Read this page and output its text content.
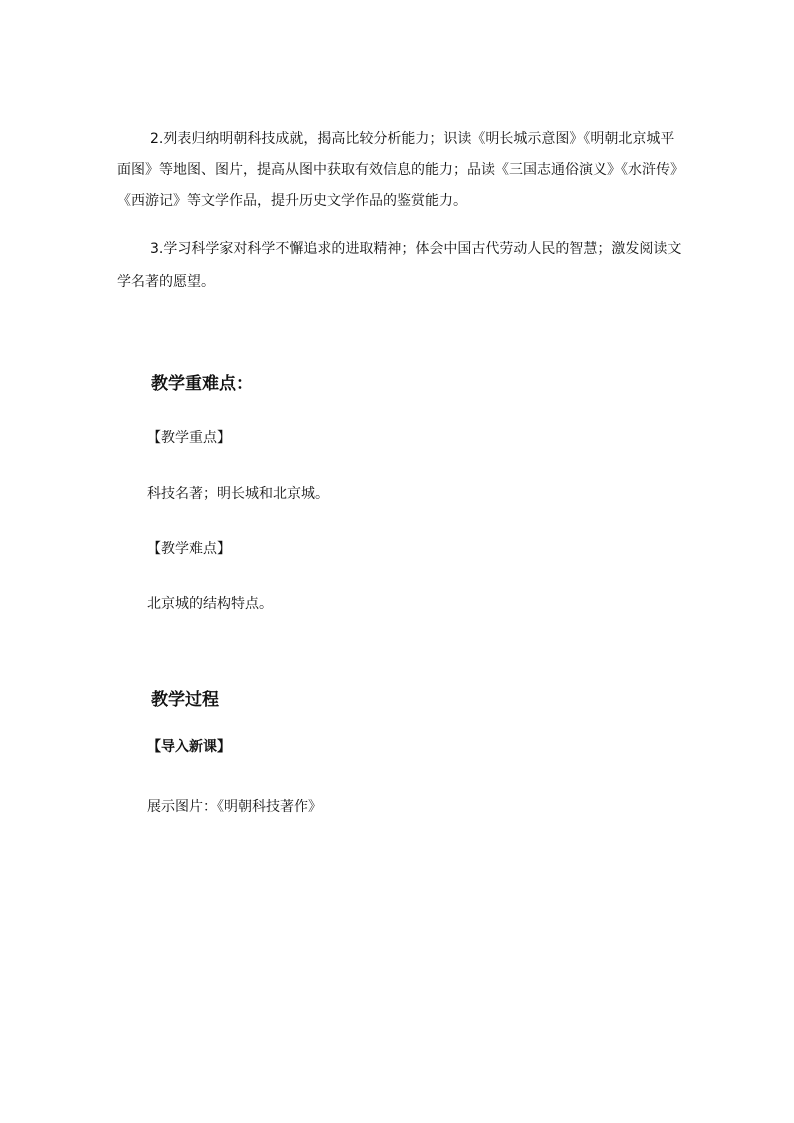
2.列表归纳明朝科技成就，揭高比较分析能力；识读《明长城示意图》《明朝北京城平
面图》等地图、图片，提高从图中获取有效信息的能力；品读《三国志通俗演义》《水浒传》
《西游记》等文学作品，提升历史文学作品的鉴赏能力。
3.学习科学家对科学不懈追求的进取精神；体会中国古代劳动人民的智慧；激发阅读文
学名著的愿望。
教学重难点：
【教学重点】
科技名著；明长城和北京城。
【教学难点】
北京城的结构特点。
教学过程
【导入新课】
展示图片：《明朝科技著作》
